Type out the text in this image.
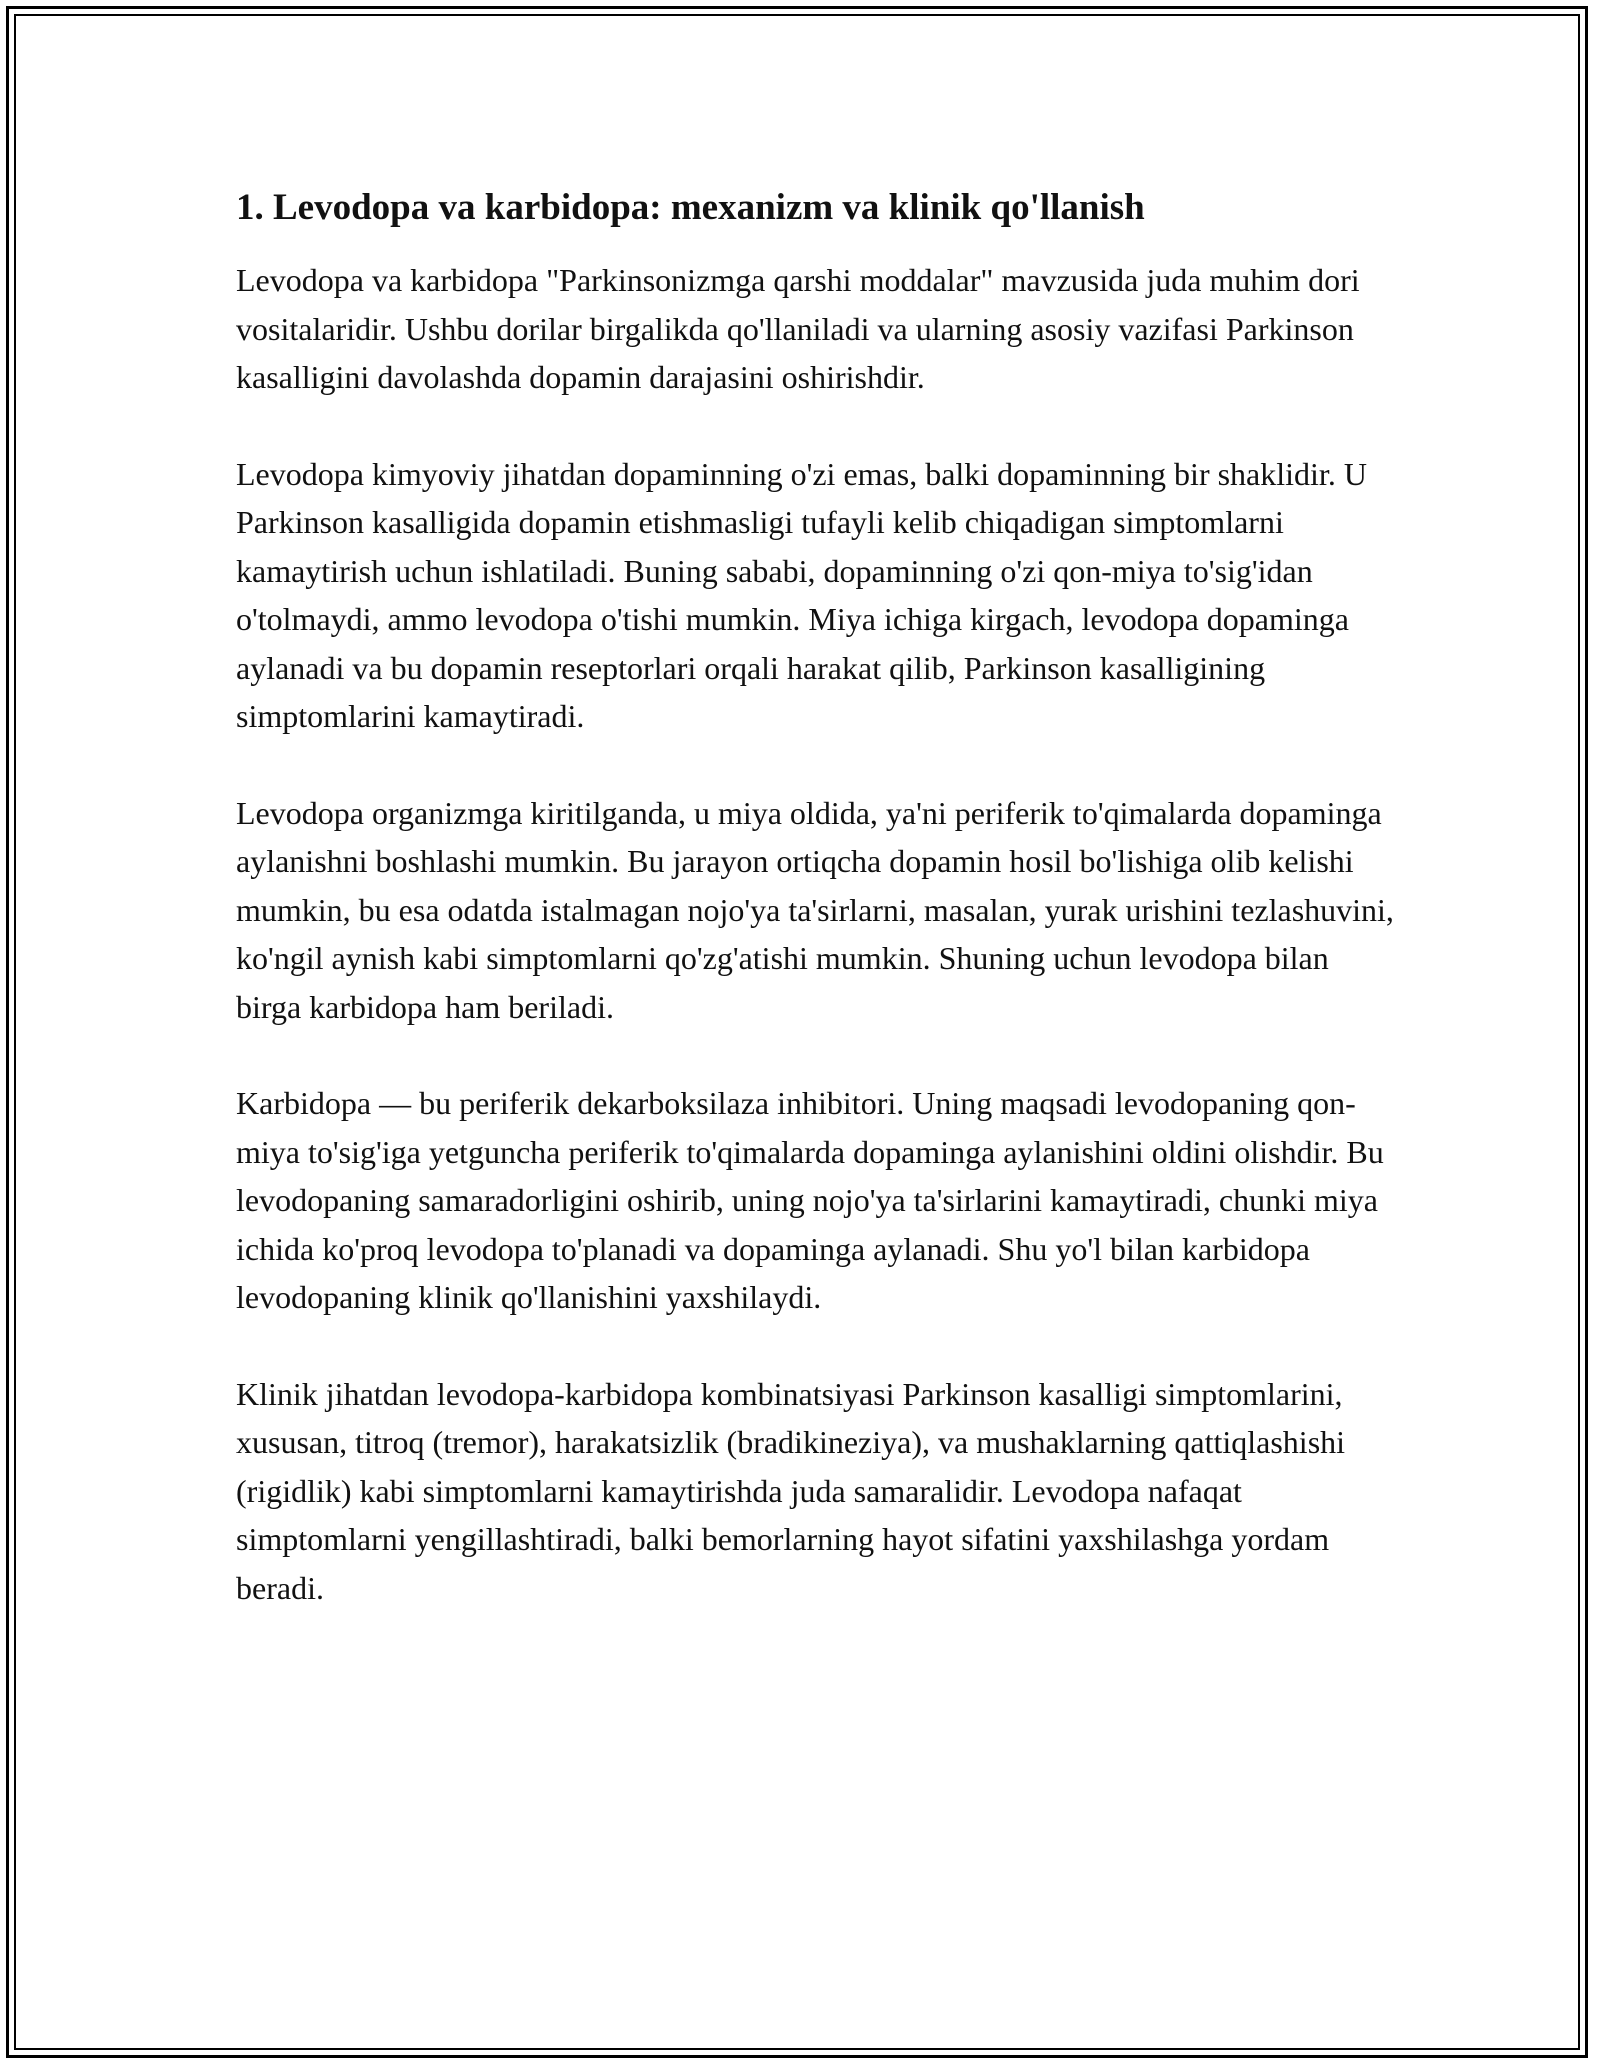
1. Levodopa va karbidopa: mexanizm va klinik qo'llanish

Levodopa va karbidopa "Parkinsonizmga qarshi moddalar" mavzusida juda muhim dori vositalaridir. Ushbu dorilar birgalikda qo'llaniladi va ularning asosiy vazifasi Parkinson kasalligini davolashda dopamin darajasini oshirishdir.

Levodopa kimyoviy jihatdan dopaminning o'zi emas, balki dopaminning bir shaklidir. U Parkinson kasalligida dopamin etishmasligi tufayli kelib chiqadigan simptomlarni kamaytirish uchun ishlatiladi. Buning sababi, dopaminning o'zi qon-miya to'sig'idan o'tolmaydi, ammo levodopa o'tishi mumkin. Miya ichiga kirgach, levodopa dopaminga aylanadi va bu dopamin reseptorlari orqali harakat qilib, Parkinson kasalligining simptomlarini kamaytiradi.

Levodopa organizmga kiritilganda, u miya oldida, ya'ni periferik to'qimalarda dopaminga aylanishni boshlashi mumkin. Bu jarayon ortiqcha dopamin hosil bo'lishiga olib kelishi mumkin, bu esa odatda istalmagan nojo'ya ta'sirlarni, masalan, yurak urishini tezlashuvini, ko'ngil aynish kabi simptomlarni qo'zg'atishi mumkin. Shuning uchun levodopa bilan birga karbidopa ham beriladi.

Karbidopa — bu periferik dekarboksilaza inhibitori. Uning maqsadi levodopaning qon-miya to'sig'iga yetguncha periferik to'qimalarda dopaminga aylanishini oldini olishdir. Bu levodopaning samaradorligini oshirib, uning nojo'ya ta'sirlarini kamaytiradi, chunki miya ichida ko'proq levodopa to'planadi va dopaminga aylanadi. Shu yo'l bilan karbidopa levodopaning klinik qo'llanishini yaxshilaydi.

Klinik jihatdan levodopa-karbidopa kombinatsiyasi Parkinson kasalligi simptomlarini, xususan, titroq (tremor), harakatsizlik (bradikineziya), va mushaklarning qattiqlashishi (rigidlik) kabi simptomlarni kamaytirishda juda samaralidir. Levodopa nafaqat simptomlarni yengillashtiradi, balki bemorlarning hayot sifatini yaxshilashga yordam beradi.
